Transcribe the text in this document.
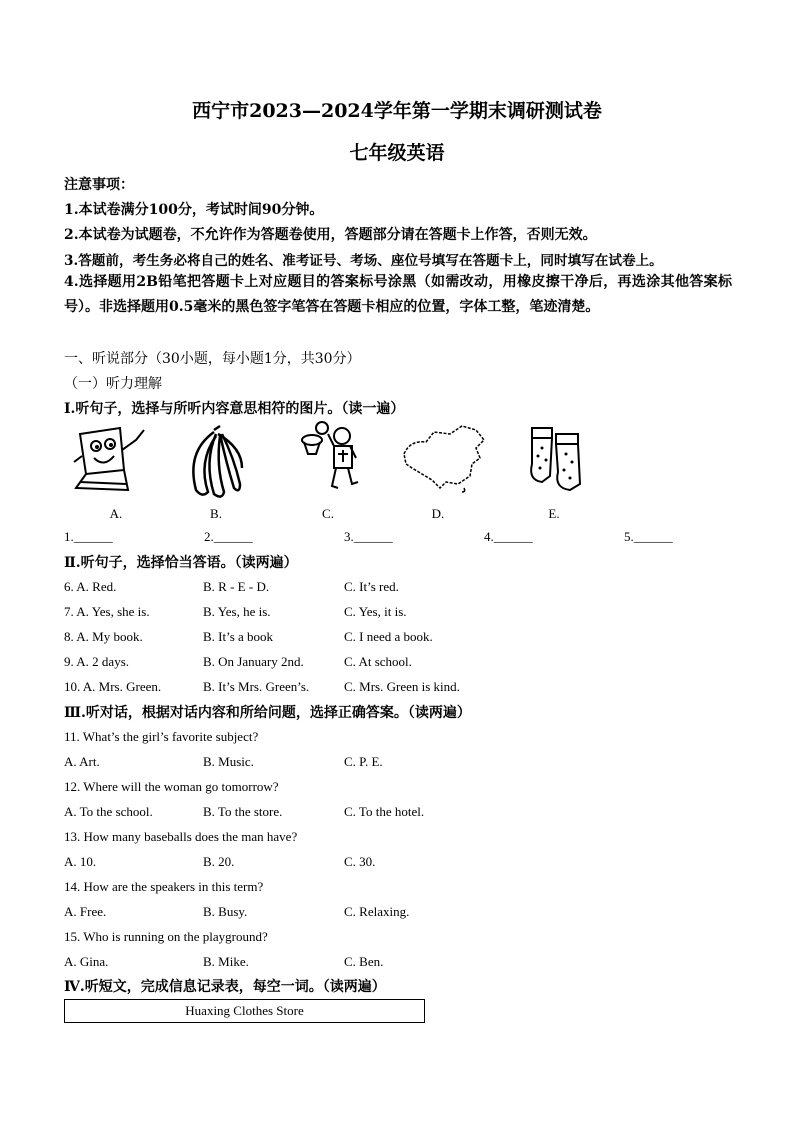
西宁市2023—2024学年第一学期末调研测试卷
七年级英语
注意事项：
1.本试卷满分100分，考试时间90分钟。
2.本试卷为试题卷，不允许作为答题卷使用，答题部分请在答题卡上作答，否则无效。
3.答题前，考生务必将自己的姓名、准考证号、考场、座位号填写在答题卡上，同时填写在试卷上。
4.选择题用2B铅笔把答题卡上对应题目的答案标号涂黑（如需改动，用橡皮擦干净后，再选涂其他答案标号）。非选择题用0.5毫米的黑色签字笔答在答题卡相应的位置，字体工整，笔迹清楚。
一、听说部分（30小题，每小题1分，共30分）
（一）听力理解
Ⅰ.听句子，选择与所听内容意思相符的图片。（读一遍）
A.	B.	C.	D.	E.
1.______	2.______	3.______	4.______	5.______
Ⅱ.听句子，选择恰当答语。（读两遍）
6. A. Red.	B. R - E - D.	C. It’s red.
7. A. Yes, she is.	B. Yes, he is.	C. Yes, it is.
8. A. My book.	B. It’s a book	C. I need a book.
9. A. 2 days.	B. On January 2nd.	C. At school.
10. A. Mrs. Green.	B. It’s Mrs. Green’s.	C. Mrs. Green is kind.
Ⅲ.听对话，根据对话内容和所给问题，选择正确答案。（读两遍）
11. What’s the girl’s favorite subject?
A. Art.	B. Music.	C. P. E.
12. Where will the woman go tomorrow?
A. To the school.	B. To the store.	C. To the hotel.
13. How many baseballs does the man have?
A. 10.	B. 20.	C. 30.
14. How are the speakers in this term?
A. Free.	B. Busy.	C. Relaxing.
15. Who is running on the playground?
A. Gina.	B. Mike.	C. Ben.
Ⅳ.听短文，完成信息记录表，每空一词。（读两遍）
Huaxing Clothes Store
